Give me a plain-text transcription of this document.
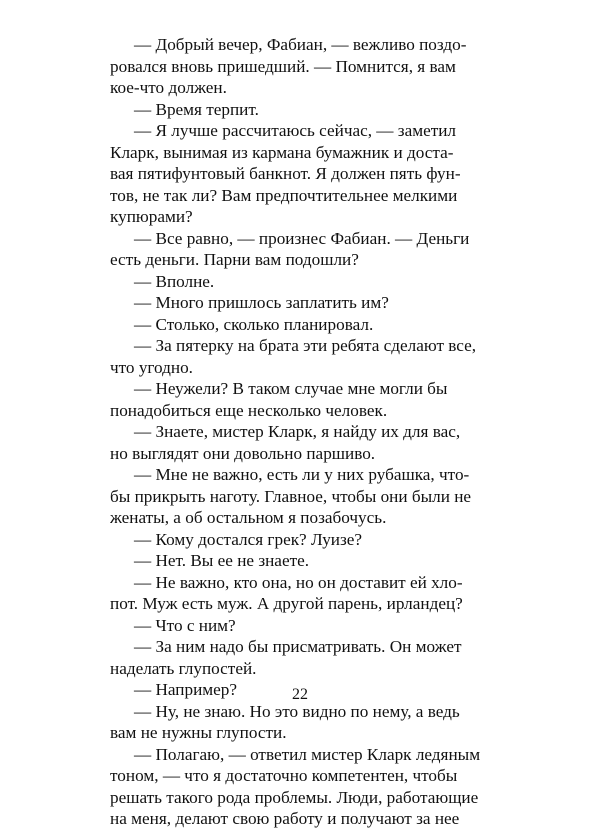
— Добрый вечер, Фабиан, — вежливо поздо-
ровался вновь пришедший. — Помнится, я вам
кое-что должен.
— Время терпит.
— Я лучше рассчитаюсь сейчас, — заметил
Кларк, вынимая из кармана бумажник и доста-
вая пятифунтовый банкнот. Я должен пять фун-
тов, не так ли? Вам предпочтительнее мелкими
купюрами?
— Все равно, — произнес Фабиан. — Деньги
есть деньги. Парни вам подошли?
— Вполне.
— Много пришлось заплатить им?
— Столько, сколько планировал.
— За пятерку на брата эти ребята сделают все,
что угодно.
— Неужели? В таком случае мне могли бы
понадобиться еще несколько человек.
— Знаете, мистер Кларк, я найду их для вас,
но выглядят они довольно паршиво.
— Мне не важно, есть ли у них рубашка, что-
бы прикрыть наготу. Главное, чтобы они были не
женаты, а об остальном я позабочусь.
— Кому достался грек? Луизе?
— Нет. Вы ее не знаете.
— Не важно, кто она, но он доставит ей хло-
пот. Муж есть муж. А другой парень, ирландец?
— Что с ним?
— За ним надо бы присматривать. Он может
наделать глупостей.
— Например?
— Ну, не знаю. Но это видно по нему, а ведь
вам не нужны глупости.
— Полагаю, — ответил мистер Кларк ледяным
тоном, — что я достаточно компетентен, чтобы
решать такого рода проблемы. Люди, работающие
на меня, делают свою работу и получают за нее
22
